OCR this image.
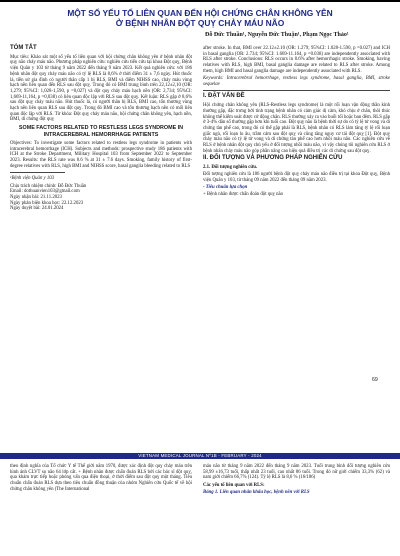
MỘT SỐ YẾU TỐ LIÊN QUAN ĐẾN HỘI CHỨNG CHÂN KHÔNG YÊN
Ở BỆNH NHÂN ĐỘT QUỴ CHẢY MÁU NÃO
Đỗ Đức Thuần¹, Nguyễn Đức Thuận¹, Phạm Ngọc Thảo¹
TÓM TẮT

Mục tiêu: Khảo sát một số yếu tố liên quan với hội chứng chân không yên ở bệnh nhân đột quỵ não chảy máu não. Phương pháp nghiên cứu: nghiên cứu tiến cứu tại khoa Đột quỵ, Bệnh viện Quân y 103 từ tháng 9 năm 2022 đến tháng 9 năm 2023. Kết quả nghiên cứu: với 186 bệnh nhân đột quỵ chảy máu não có tỷ lệ RLS là 8,6% ở thời điểm 31 ± 7,6 ngày. Hút thuốc lá, tiền sử gia đình có người thân cấp 1 bị RLS, BMI và điểm NIHSS cao, chảy máu vùng hạch nền liên quan đến RLS sau đột quỵ. Trong đó có BMI trung bình trên 22,12±2,10 (OR: 1,279; 95%CI: 1,028-1,590, p =0,027) và đột quỵ chảy máu hạch nền (OR: 2,734; 95%CI: 1,669-11,164, p =0,038) có liên quan độc lập với RLS sau đột quỵ. Kết luận: RLS gặp ở 8,6% sau đột quỵ chảy máu não. Hút thuốc lá, có người thân bị RLS, BMI cao, tổn thương vùng hạch nền liên quan RLS sau đột quỵ. Trong đó BMI cao và tổn thương hạch nền có mối liên quan độc lập với RLS. Từ khóa: Đột quỵ chảy máu não, hội chứng chân không yên, hạch nền, BMI, di chứng đột quỵ

SOME FACTORS RELATED TO RESTLESS LEGS SYNDROME IN INTRACEREBRAL HEMORRHAGE PATIENTS

Objectives: To investigate some factors related to restless legs syndrome in patients with intracerebral hemorrhage (ICH). Subjects and methods: prospective study 186 patients with ICH at the Stroke Department, Military Hospital 103 from September 2022 to September 2023. Results: the RLS rate was 8.6 % at 31 ± 7.6 days. Smoking, family history of first-degree relatives with RLS, high BMI and NIHSS score, basal ganglia bleeding related to RLS

¹Bệnh viện Quân y 103

Chịu trách nhiệm chính: Đỗ Đức Thuần
Email: dothuanvien103@gmail.com
Ngày nhận bài: 21.11.2023
Ngày phản biện khoa học: 22.12.2023
Ngày duyệt bài: 24.01.2024

after stroke. In that, BMI over 22.12±2.10 (OR: 1.279; 95%CI: 1.028-1.590, p =0.027) and ICH in basal ganglia (OR: 2.734; 95%CI: 1.669-11.164, p =0.038) are independently associated with RLS after stroke. Conclusions: RLS occurs in 8.6% after hemorrhagic stroke. Smoking, having relatives with RLS, high BMI, basal ganglia damage are related to RLS after stroke. Among them, high BMI and basal ganglia damage are independently associated with RLS.

Keywords: Intracerebral hemorrhage, restless legs syndrome, basal ganglia, BMI, stroke sequelae

I. ĐẶT VẤN ĐỀ

Hội chứng chân không yên (RLS-Restless legs syndrome) là một rối loạn vận động thần kinh thường gặp, đặc trưng bởi tình trạng bệnh nhân có cảm giác dị cảm, khó chịu ở chân, thôi thúc không thể kiểm soát được cử động chân. RLS thường xảy ra vào buổi tối hoặc ban đêm. RLS gặp ở 3-4% dân số thường gặp hơn khi tuổi cao. Đột quỵ não là bệnh thời sự do có tỷ lệ tử vong và di chứng tàn phế cao, trong đó có thể gặp phải là RLS, bệnh nhân có RLS làm tăng tỷ lệ rối loạn giấc ngủ, rối loạn lo âu, trầm cảm sau đột quỵ và cũng tăng nguy cơ tái đột quỵ [1]. Đột quỵ chảy máu não có tỷ lệ tử vong và di chứng tàn phế cao hơn nhồi máu não. Các nghiên cứu về RLS ở bệnh nhân đột quỵ chủ yếu ở đối tượng nhồi máu não, vì vậy chúng tôi nghiên cứu RLS ở bệnh nhân chảy máu não góp phần nâng cao hiệu quả điều trị các di chứng sau đột quỵ.

II. ĐỐI TƯỢNG VÀ PHƯƠNG PHÁP NGHIÊN CỨU

2.1. Đối tượng nghiên cứu.

Đối tượng nghiên cứu là 186 người bệnh đột quỵ chảy máu não điều trị tại khoa Đột quỵ, Bệnh viện Quân y 103, từ tháng 09 năm 2022 đến tháng 09 năm 2023.

- Tiêu chuẩn lựa chọn

+ Bệnh nhân được chẩn đoán đột quỵ não

69
VIETNAM MEDICAL JOURNAL Nº1B - FEBRUARY - 2024

theo định nghĩa của Tổ chức Y tế Thế giới năm 1970, được xác định đột quỵ chảy máu trên hình ảnh CLVT sọ não 64 lớp cắt. + Bệnh nhân được chẩn đoán RLS bởi các bác sĩ đột quỵ, qua khám trực tiếp hoặc phỏng vấn qua điện thoại, ở thời điểm sau đột quỵ một tháng. Tiêu chuẩn chẩn đoán RLS dựa theo tiêu chuẩn đồng thuận của nhóm Nghiên cứu Quốc tế về hội chứng chân không yên (The International

máu não từ tháng 9 năm 2022 đến tháng 9 năm 2023. Tuổi trung bình đối tượng nghiên cứu 58,99 ±16,73 tuổi, thấp nhất 23 tuổi, cao nhất 86 tuổi. Trong đó nữ giới chiếm 33,3% (62) và nam giới chiếm 66,7% (124). Tỷ lệ RLS là 8,6 % (16/186)

Các yếu tố liên quan với RLS:

Bảng 1. Liên quan nhân khẩu học, bệnh nền với RLS
